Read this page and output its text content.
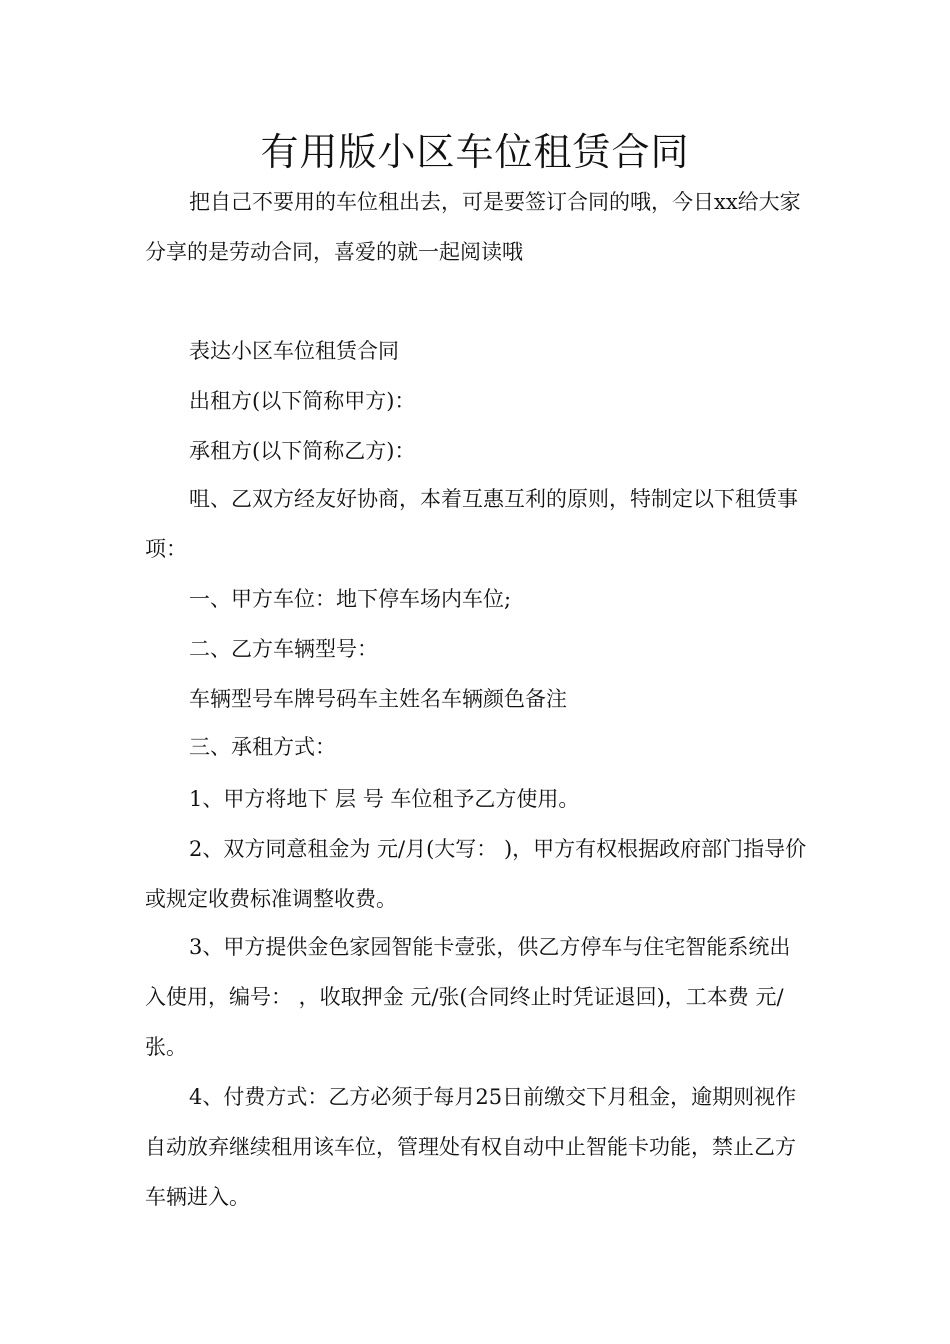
有用版小区车位租赁合同

把自己不要用的车位租出去，可是要签订合同的哦，今日xx给大家分享的是劳动合同，喜爱的就一起阅读哦

表达小区车位租赁合同

出租方(以下简称甲方)：

承租方(以下简称乙方)：

咀、乙双方经友好协商，本着互惠互利的原则，特制定以下租赁事项：

一、甲方车位：地下停车场内车位;

二、乙方车辆型号：

车辆型号车牌号码车主姓名车辆颜色备注

三、承租方式：

1、甲方将地下 层 号 车位租予乙方使用。

2、双方同意租金为 元/月(大写： )，甲方有权根据政府部门指导价或规定收费标准调整收费。

3、甲方提供金色家园智能卡壹张，供乙方停车与住宅智能系统出入使用，编号： ，收取押金 元/张(合同终止时凭证退回)，工本费 元/张。

4、付费方式：乙方必须于每月25日前缴交下月租金，逾期则视作自动放弃继续租用该车位，管理处有权自动中止智能卡功能，禁止乙方车辆进入。
